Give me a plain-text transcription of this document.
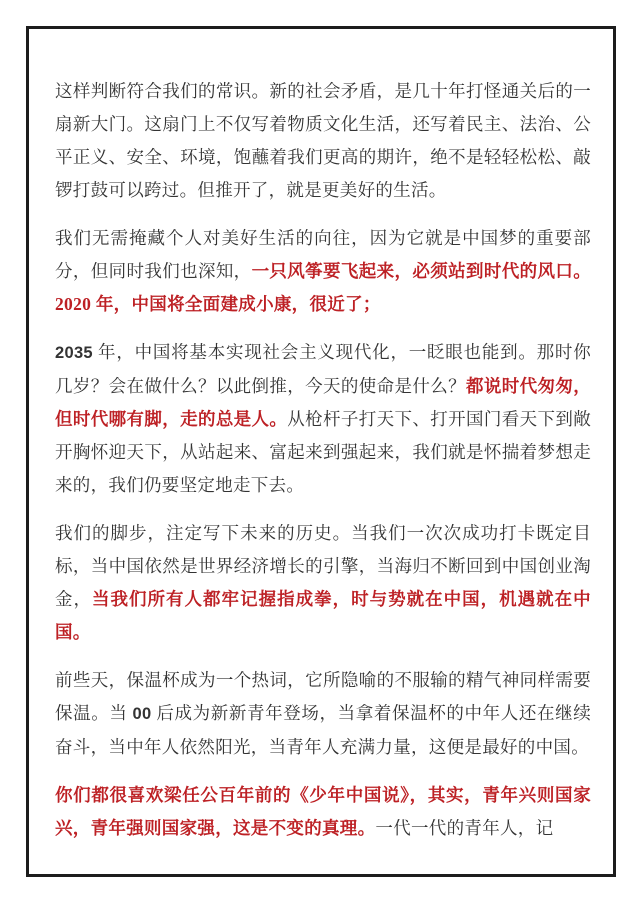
这样判断符合我们的常识。新的社会矛盾，是几十年打怪通关后的一扇新大门。这扇门上不仅写着物质文化生活，还写着民主、法治、公平正义、安全、环境，饱蘸着我们更高的期许，绝不是轻轻松松、敲锣打鼓可以跨过。但推开了，就是更美好的生活。

我们无需掩藏个人对美好生活的向往，因为它就是中国梦的重要部分，但同时我们也深知，一只风筝要飞起来，必须站到时代的风口。2020 年，中国将全面建成小康，很近了；

2035 年，中国将基本实现社会主义现代化，一眨眼也能到。那时你几岁？会在做什么？以此倒推，今天的使命是什么？都说时代匆匆，但时代哪有脚，走的总是人。从枪杆子打天下、打开国门看天下到敞开胸怀迎天下，从站起来、富起来到强起来，我们就是怀揣着梦想走来的，我们仍要坚定地走下去。

我们的脚步，注定写下未来的历史。当我们一次次成功打卡既定目标，当中国依然是世界经济增长的引擎，当海归不断回到中国创业淘金，当我们所有人都牢记握指成拳，时与势就在中国，机遇就在中国。

前些天，保温杯成为一个热词，它所隐喻的不服输的精气神同样需要保温。当 00 后成为新新青年登场，当拿着保温杯的中年人还在继续奋斗，当中年人依然阳光，当青年人充满力量，这便是最好的中国。

你们都很喜欢梁任公百年前的《少年中国说》，其实，青年兴则国家兴，青年强则国家强，这是不变的真理。一代一代的青年人，记
